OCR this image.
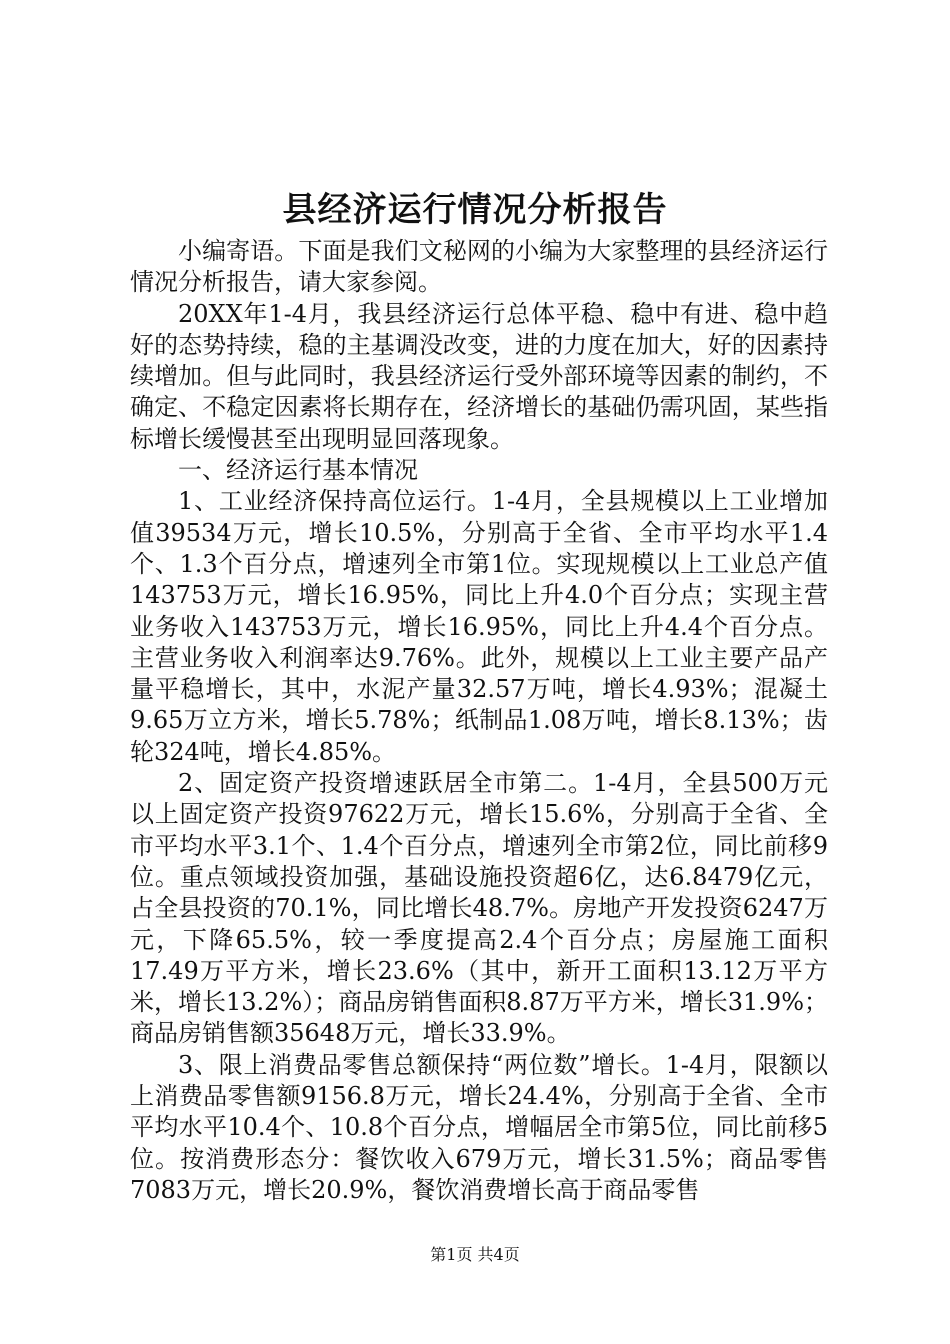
县经济运行情况分析报告

小编寄语。下面是我们文秘网的小编为大家整理的县经济运行情况分析报告，请大家参阅。

20XX年1-4月，我县经济运行总体平稳、稳中有进、稳中趋好的态势持续，稳的主基调没改变，进的力度在加大，好的因素持续增加。但与此同时，我县经济运行受外部环境等因素的制约，不确定、不稳定因素将长期存在，经济增长的基础仍需巩固，某些指标增长缓慢甚至出现明显回落现象。

一、经济运行基本情况

1、工业经济保持高位运行。1-4月，全县规模以上工业增加值39534万元，增长10.5%，分别高于全省、全市平均水平1.4个、1.3个百分点，增速列全市第1位。实现规模以上工业总产值143753万元，增长16.95%，同比上升4.0个百分点；实现主营业务收入143753万元，增长16.95%，同比上升4.4个百分点。主营业务收入利润率达9.76%。此外，规模以上工业主要产品产量平稳增长，其中，水泥产量32.57万吨，增长4.93%；混凝土9.65万立方米，增长5.78%；纸制品1.08万吨，增长8.13%；齿轮324吨，增长4.85%。

2、固定资产投资增速跃居全市第二。1-4月，全县500万元以上固定资产投资97622万元，增长15.6%，分别高于全省、全市平均水平3.1个、1.4个百分点，增速列全市第2位，同比前移9位。重点领域投资加强，基础设施投资超6亿，达6.8479亿元，占全县投资的70.1%，同比增长48.7%。房地产开发投资6247万元，下降65.5%，较一季度提高2.4个百分点；房屋施工面积17.49万平方米，增长23.6%（其中，新开工面积13.12万平方米，增长13.2%）；商品房销售面积8.87万平方米，增长31.9%；商品房销售额35648万元，增长33.9%。

3、限上消费品零售总额保持“两位数”增长。1-4月，限额以上消费品零售额9156.8万元，增长24.4%，分别高于全省、全市平均水平10.4个、10.8个百分点，增幅居全市第5位，同比前移5位。按消费形态分：餐饮收入679万元，增长31.5%；商品零售7083万元，增长20.9%，餐饮消费增长高于商品零售

第1页 共4页
